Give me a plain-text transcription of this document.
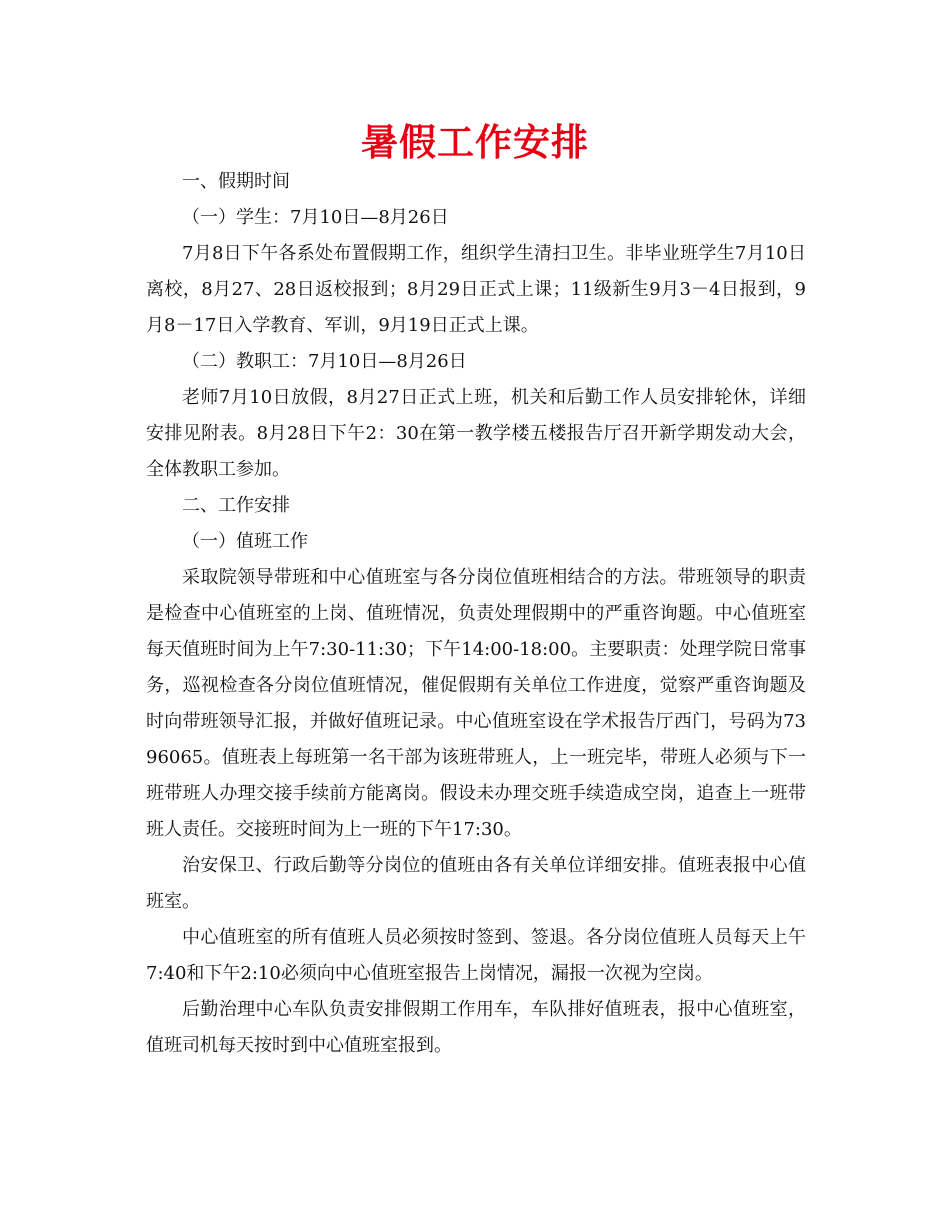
暑假工作安排

一、假期时间

（一）学生：7月10日—8月26日

7月8日下午各系处布置假期工作，组织学生清扫卫生。非毕业班学生7月10日离校，8月27、28日返校报到；8月29日正式上课；11级新生9月3－4日报到，9月8－17日入学教育、军训，9月19日正式上课。

（二）教职工：7月10日—8月26日

老师7月10日放假，8月27日正式上班，机关和后勤工作人员安排轮休，详细安排见附表。8月28日下午2：30在第一教学楼五楼报告厅召开新学期发动大会，全体教职工参加。

二、工作安排

（一）值班工作

采取院领导带班和中心值班室与各分岗位值班相结合的方法。带班领导的职责是检查中心值班室的上岗、值班情况，负责处理假期中的严重咨询题。中心值班室每天值班时间为上午7:30-11:30；下午14:00-18:00。主要职责：处理学院日常事务，巡视检查各分岗位值班情况，催促假期有关单位工作进度，觉察严重咨询题及时向带班领导汇报，并做好值班记录。中心值班室设在学术报告厅西门，号码为7396065。值班表上每班第一名干部为该班带班人，上一班完毕，带班人必须与下一班带班人办理交接手续前方能离岗。假设未办理交班手续造成空岗，追查上一班带班人责任。交接班时间为上一班的下午17:30。

治安保卫、行政后勤等分岗位的值班由各有关单位详细安排。值班表报中心值班室。

中心值班室的所有值班人员必须按时签到、签退。各分岗位值班人员每天上午7:40和下午2:10必须向中心值班室报告上岗情况，漏报一次视为空岗。

后勤治理中心车队负责安排假期工作用车，车队排好值班表，报中心值班室，值班司机每天按时到中心值班室报到。
